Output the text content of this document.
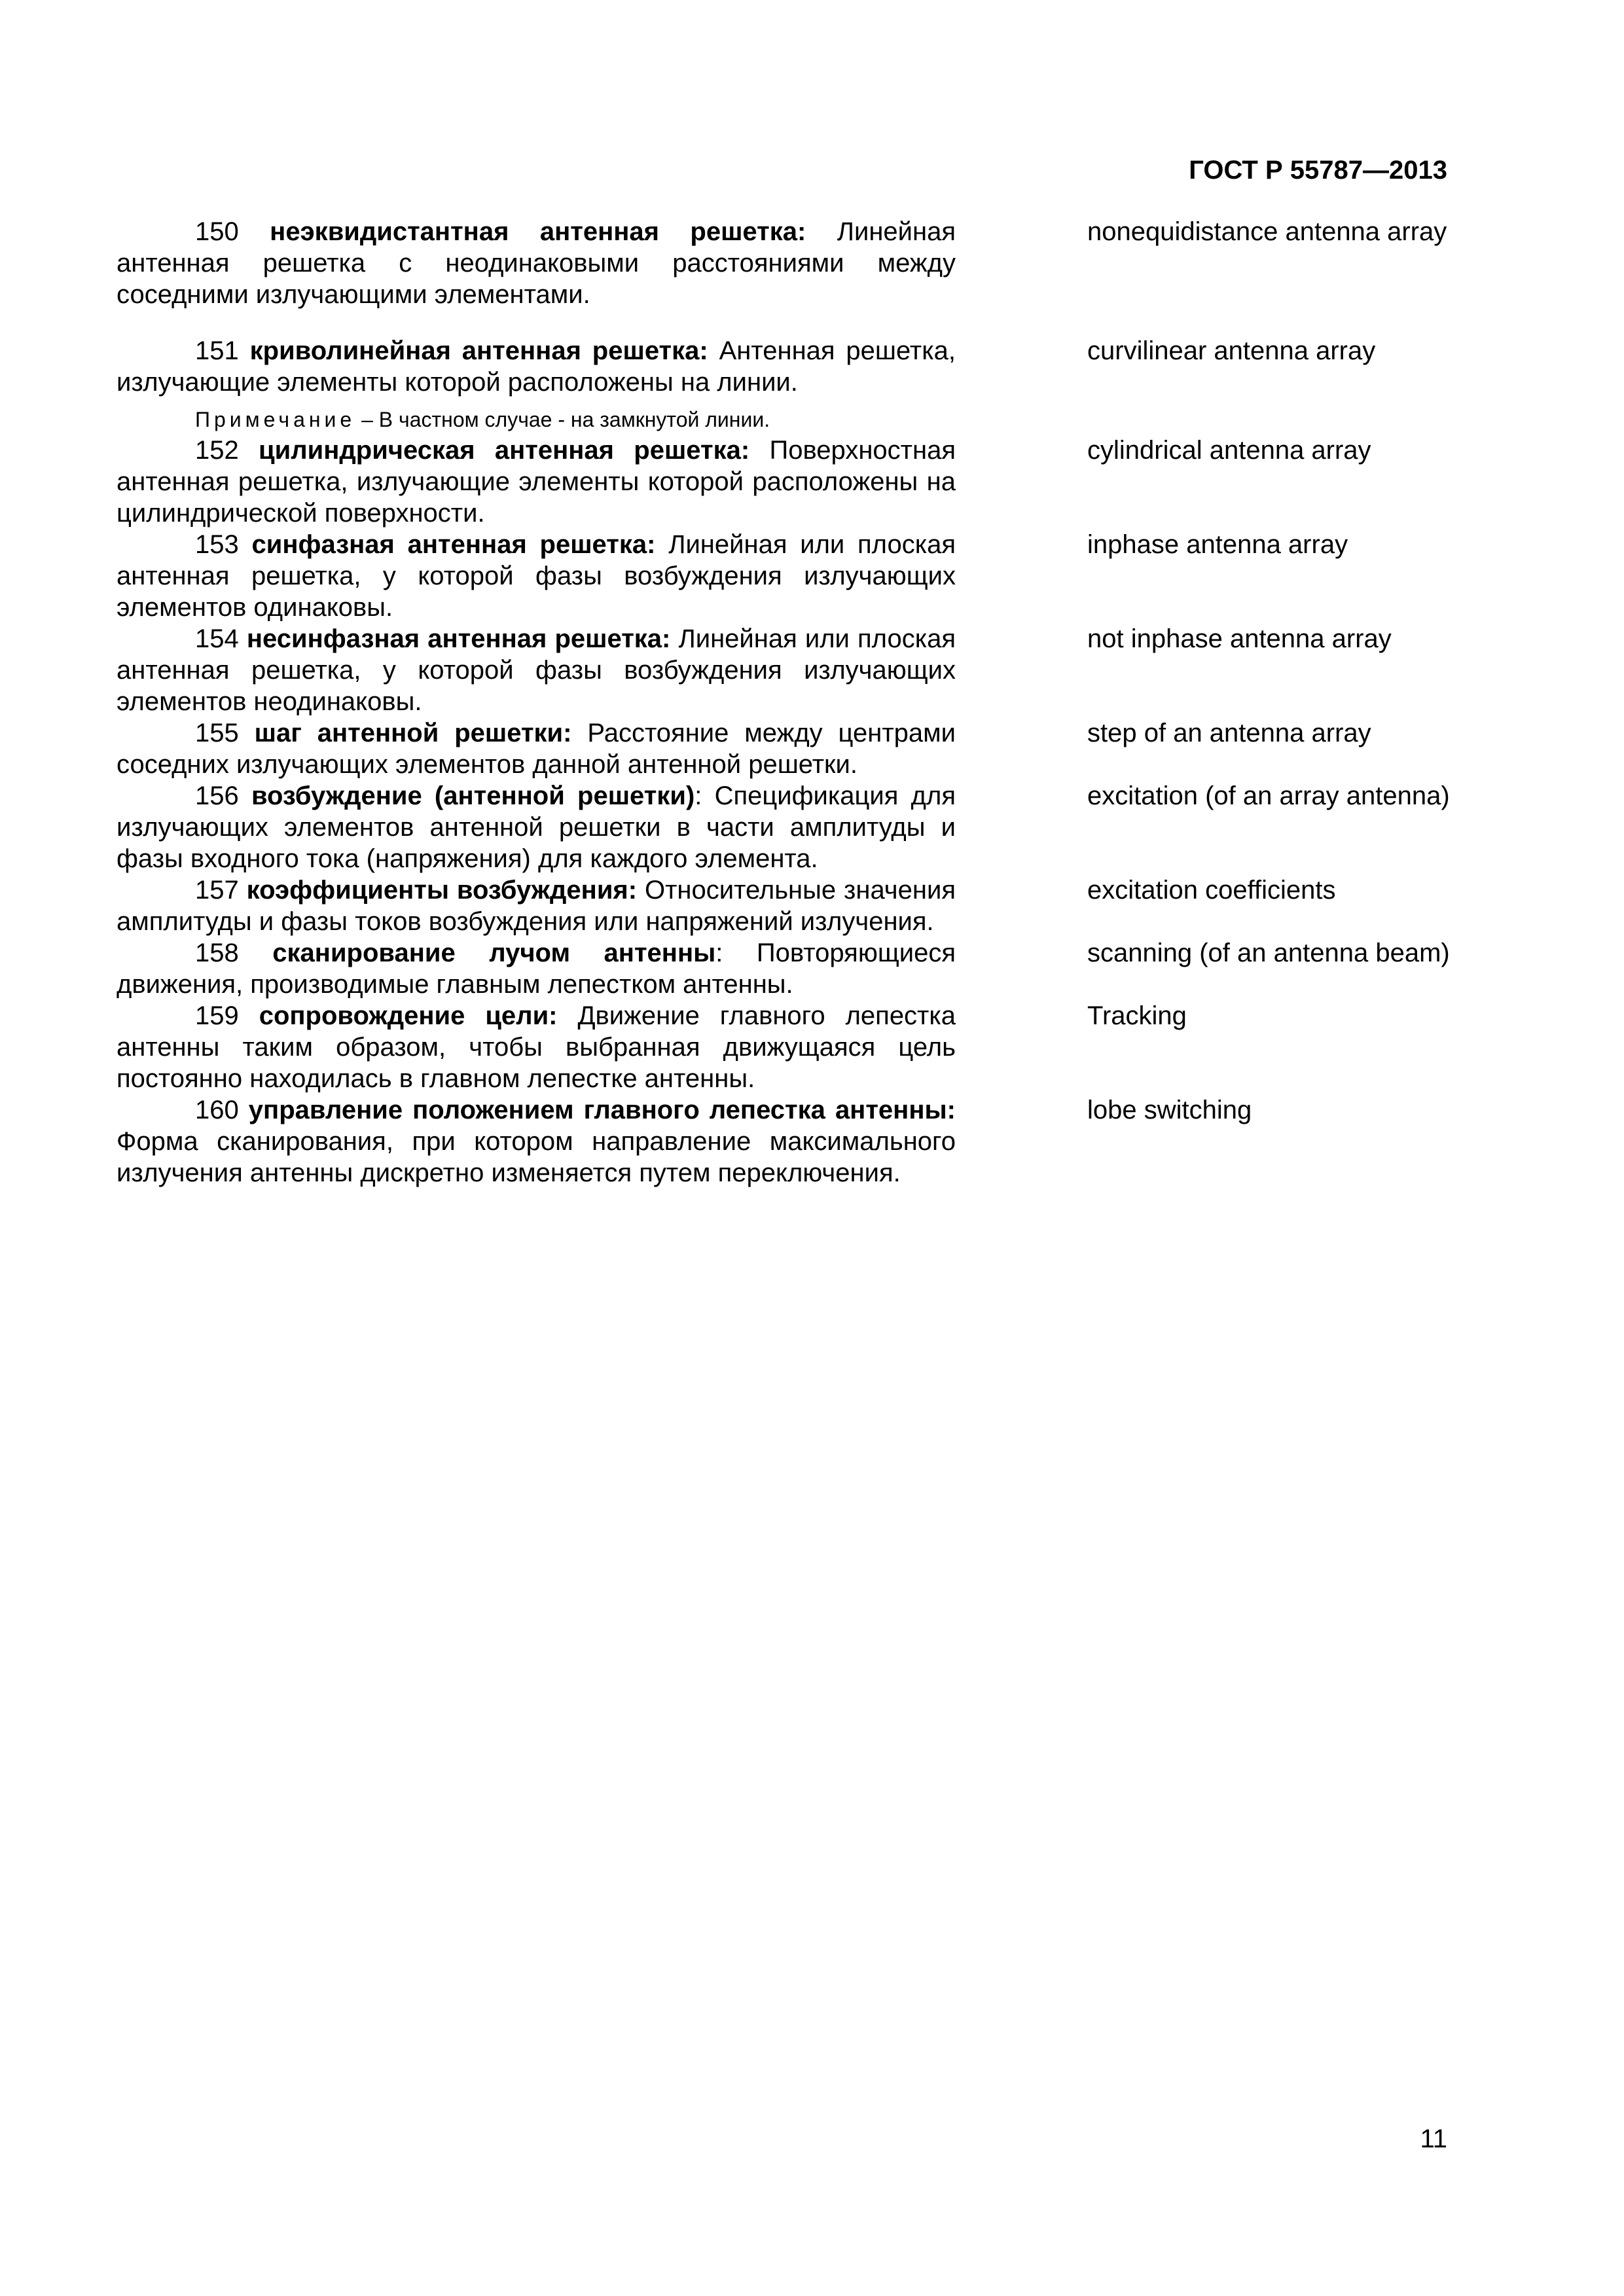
ГОСТ Р 55787—2013

150 неэквидистантная антенная решетка: Линейная антенная решетка с неодинаковыми расстояниями между соседними излучающими элементами.

nonequidistance antenna array

151 криволинейная антенная решетка: Антенная решетка, излучающие элементы которой расположены на линии.

curvilinear antenna array
Примечание – В частном случае - на замкнутой линии.

152 цилиндрическая антенная решетка: Поверхностная антенная решетка, излучающие элементы которой расположены на цилиндрической поверхности.

cylindrical antenna array

153 синфазная антенная решетка: Линейная или плоская антенная решетка, у которой фазы возбуждения излучающих элементов одинаковы.

inphase antenna array

154 несинфазная антенная решетка: Линейная или плоская антенная решетка, у которой фазы возбуждения излучающих элементов неодинаковы.

not inphase antenna array

155 шаг антенной решетки: Расстояние между центрами соседних излучающих элементов данной антенной решетки.

step of an antenna array

156 возбуждение (антенной решетки): Спецификация для излучающих элементов антенной решетки в части амплитуды и фазы входного тока (напряжения) для каждого элемента.

excitation (of an array antenna)

157 коэффициенты возбуждения: Относительные значения амплитуды и фазы токов возбуждения или напряжений излучения.

excitation coefficients

158 сканирование лучом антенны: Повторяющиеся движения, производимые главным лепестком антенны.

scanning (of an antenna beam)

159 сопровождение цели: Движение главного лепестка антенны таким образом, чтобы выбранная движущаяся цель постоянно находилась в главном лепестке антенны.

Tracking

160 управление положением главного лепестка антенны: Форма сканирования, при котором направление максимального излучения антенны дискретно изменяется путем переключения.

lobe switching
11
